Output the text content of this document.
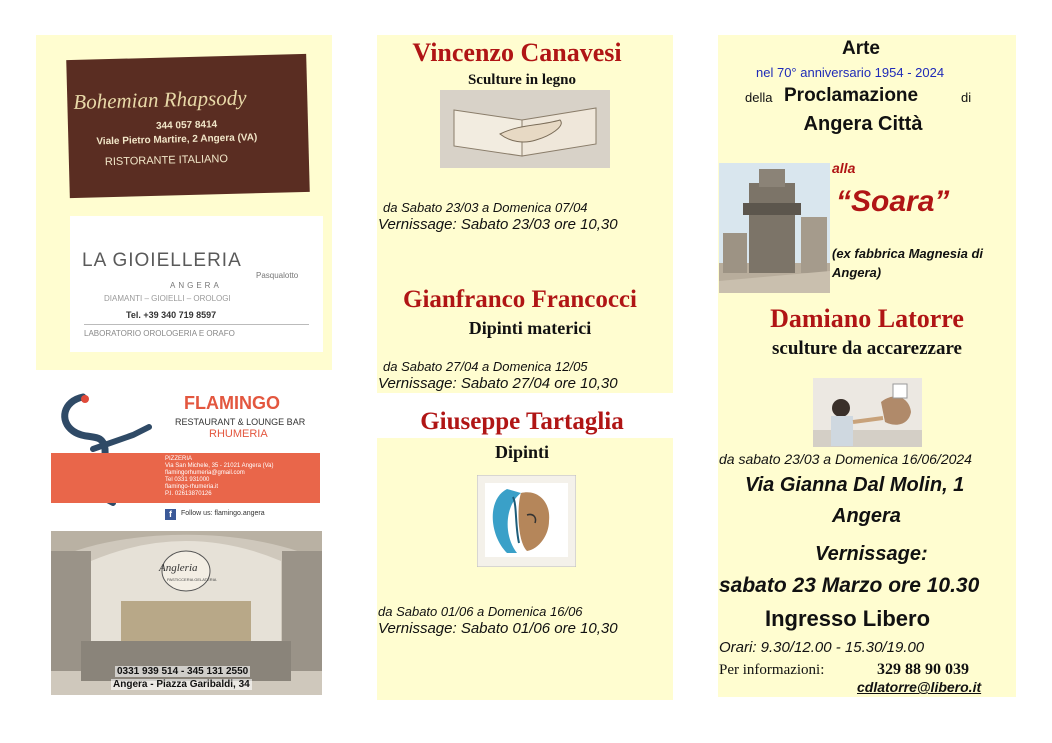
Bohemian Rhapsody
344 057 8414
Viale Pietro Martire, 2 Angera (VA)
RISTORANTE ITALIANO
LA GIOIELLERIA
Pasqualotto
ANGERA
DIAMANTI – GIOIELLI – OROLOGI
Tel. +39 340 719 8597
LABORATORIO OROLOGERIA E ORAFO
FLAMINGO
RESTAURANT & LOUNGE BAR
RHUMERIA
PIZZERIA
Via San Michele, 35 - 21021 Angera (Va)
flamingorhumeria@gmail.com
Tel 0331 931000
flamingo-rhumeria.it
P.I. 02613870126
f	Follow us: flamingo.angera
Angleria
PASTICCERIA GELATERIA
0331 939 514 - 345 131 2550
Angera - Piazza Garibaldi, 34
Vincenzo Canavesi
Sculture in legno
da Sabato 23/03 a Domenica 07/04
Vernissage: Sabato 23/03 ore 10,30
Gianfranco Francocci
Dipinti materici
da Sabato 27/04 a Domenica 12/05
Vernissage: Sabato 27/04 ore 10,30
Giuseppe Tartaglia
Dipinti
da Sabato 01/06 a Domenica 16/06
Vernissage: Sabato 01/06 ore 10,30
Arte
nel 70° anniversario 1954 - 2024
della Proclamazione	di
Angera Città
alla
“Soara”
(ex fabbrica Magnesia di Angera)
Damiano Latorre
sculture da accarezzare
da sabato 23/03 a Domenica 16/06/2024
Via Gianna Dal Molin, 1
Angera
Vernissage:
sabato 23 Marzo ore 10.30
Ingresso Libero
Orari: 9.30/12.00 - 15.30/19.00
Per informazioni:	329 88 90 039
cdlatorre@libero.it
